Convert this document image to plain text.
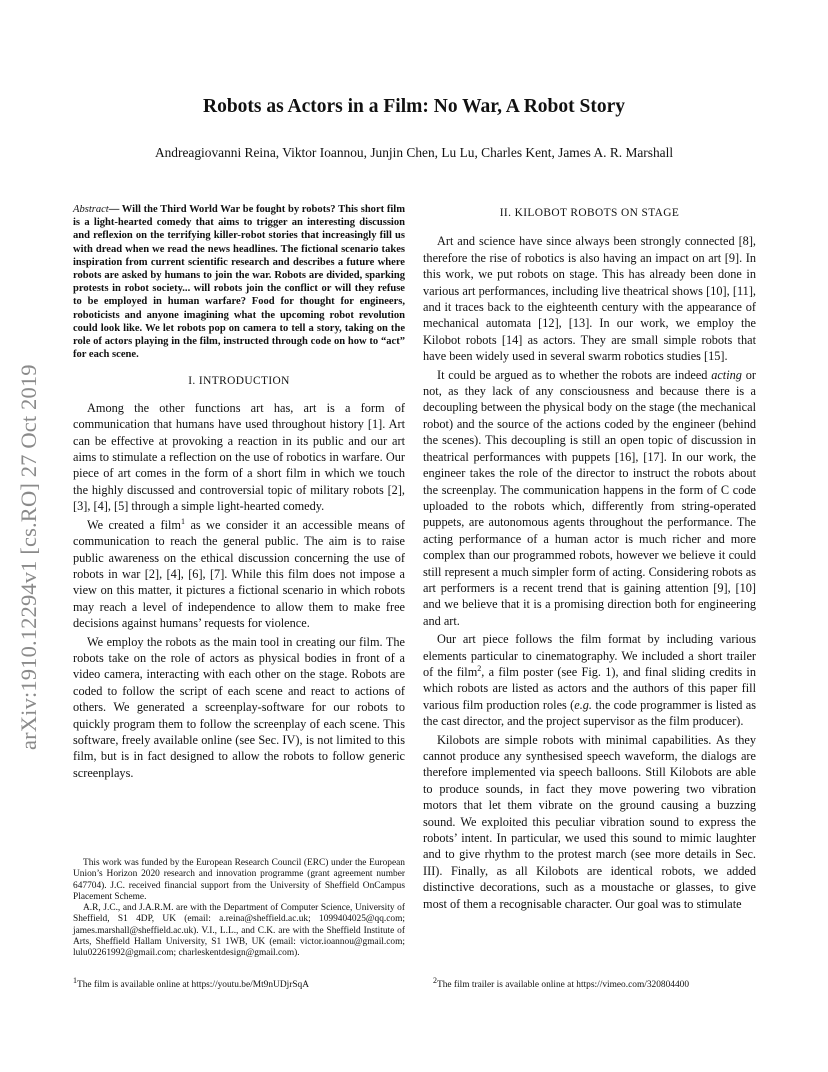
arXiv:1910.12294v1 [cs.RO] 27 Oct 2019
Robots as Actors in a Film: No War, A Robot Story
Andreagiovanni Reina, Viktor Ioannou, Junjin Chen, Lu Lu, Charles Kent, James A. R. Marshall
Abstract— Will the Third World War be fought by robots? This short film is a light-hearted comedy that aims to trigger an interesting discussion and reflexion on the terrifying killer-robot stories that increasingly fill us with dread when we read the news headlines. The fictional scenario takes inspiration from current scientific research and describes a future where robots are asked by humans to join the war. Robots are divided, sparking protests in robot society... will robots join the conflict or will they refuse to be employed in human warfare? Food for thought for engineers, roboticists and anyone imagining what the upcoming robot revolution could look like. We let robots pop on camera to tell a story, taking on the role of actors playing in the film, instructed through code on how to “act” for each scene.
I. INTRODUCTION

Among the other functions art has, art is a form of communication that humans have used throughout history [1]. Art can be effective at provoking a reaction in its public and our art aims to stimulate a reflection on the use of robotics in warfare. Our piece of art comes in the form of a short film in which we touch the highly discussed and controversial topic of military robots [2], [3], [4], [5] through a simple light-hearted comedy.

We created a film$^1$ as we consider it an accessible means of communication to reach the general public. The aim is to raise public awareness on the ethical discussion concerning the use of robots in war [2], [4], [6], [7]. While this film does not impose a view on this matter, it pictures a fictional scenario in which robots may reach a level of independence to allow them to make free decisions against humans’ requests for violence.

We employ the robots as the main tool in creating our film. The robots take on the role of actors as physical bodies in front of a video camera, interacting with each other on the stage. Robots are coded to follow the script of each scene and react to actions of others. We generated a screenplay-software for our robots to quickly program them to follow the screenplay of each scene. This software, freely available online (see Sec. IV), is not limited to this film, but is in fact designed to allow the robots to follow generic screenplays.

This work was funded by the European Research Council (ERC) under the European Union’s Horizon 2020 research and innovation programme (grant agreement number 647704). J.C. received financial support from the University of Sheffield OnCampus Placement Scheme.

A.R, J.C., and J.A.R.M. are with the Department of Computer Science, University of Sheffield, S1 4DP, UK (email: a.reina@sheffield.ac.uk; 1099404025@qq.com; james.marshall@sheffield.ac.uk). V.I., L.L., and C.K. are with the Sheffield Institute of Arts, Sheffield Hallam University, S1 1WB, UK (email: victor.ioannou@gmail.com; lulu02261992@gmail.com; charleskentdesign@gmail.com).

1The film is available online at https://youtu.be/Mt9nUDjrSqA
II. KILOBOT ROBOTS ON STAGE

Art and science have since always been strongly connected [8], therefore the rise of robotics is also having an impact on art [9]. In this work, we put robots on stage. This has already been done in various art performances, including live theatrical shows [10], [11], and it traces back to the eighteenth century with the appearance of mechanical automata [12], [13]. In our work, we employ the Kilobot robots [14] as actors. They are small simple robots that have been widely used in several swarm robotics studies [15].

It could be argued as to whether the robots are indeed acting or not, as they lack of any consciousness and because there is a decoupling between the physical body on the stage (the mechanical robot) and the source of the actions coded by the engineer (behind the scenes). This decoupling is still an open topic of discussion in theatrical performances with puppets [16], [17]. In our work, the engineer takes the role of the director to instruct the robots about the screenplay. The communication happens in the form of C code uploaded to the robots which, differently from string-operated puppets, are autonomous agents throughout the performance. The acting performance of a human actor is much richer and more complex than our programmed robots, however we believe it could still represent a much simpler form of acting. Considering robots as art performers is a recent trend that is gaining attention [9], [10] and we believe that it is a promising direction both for engineering and art.

Our art piece follows the film format by including various elements particular to cinematography. We included a short trailer of the film$^2$, a film poster (see Fig. 1), and final sliding credits in which robots are listed as actors and the authors of this paper fill various film production roles (e.g. the code programmer is listed as the cast director, and the project supervisor as the film producer).

Kilobots are simple robots with minimal capabilities. As they cannot produce any synthesised speech waveform, the dialogs are therefore implemented via speech balloons. Still Kilobots are able to produce sounds, in fact they move powering two vibration motors that let them vibrate on the ground causing a buzzing sound. We exploited this peculiar vibration sound to express the robots’ intent. In particular, we used this sound to mimic laughter and to give rhythm to the protest march (see more details in Sec. III). Finally, as all Kilobots are identical robots, we added distinctive decorations, such as a moustache or glasses, to give most of them a recognisable character. Our goal was to stimulate

2The film trailer is available online at https://vimeo.com/320804400
